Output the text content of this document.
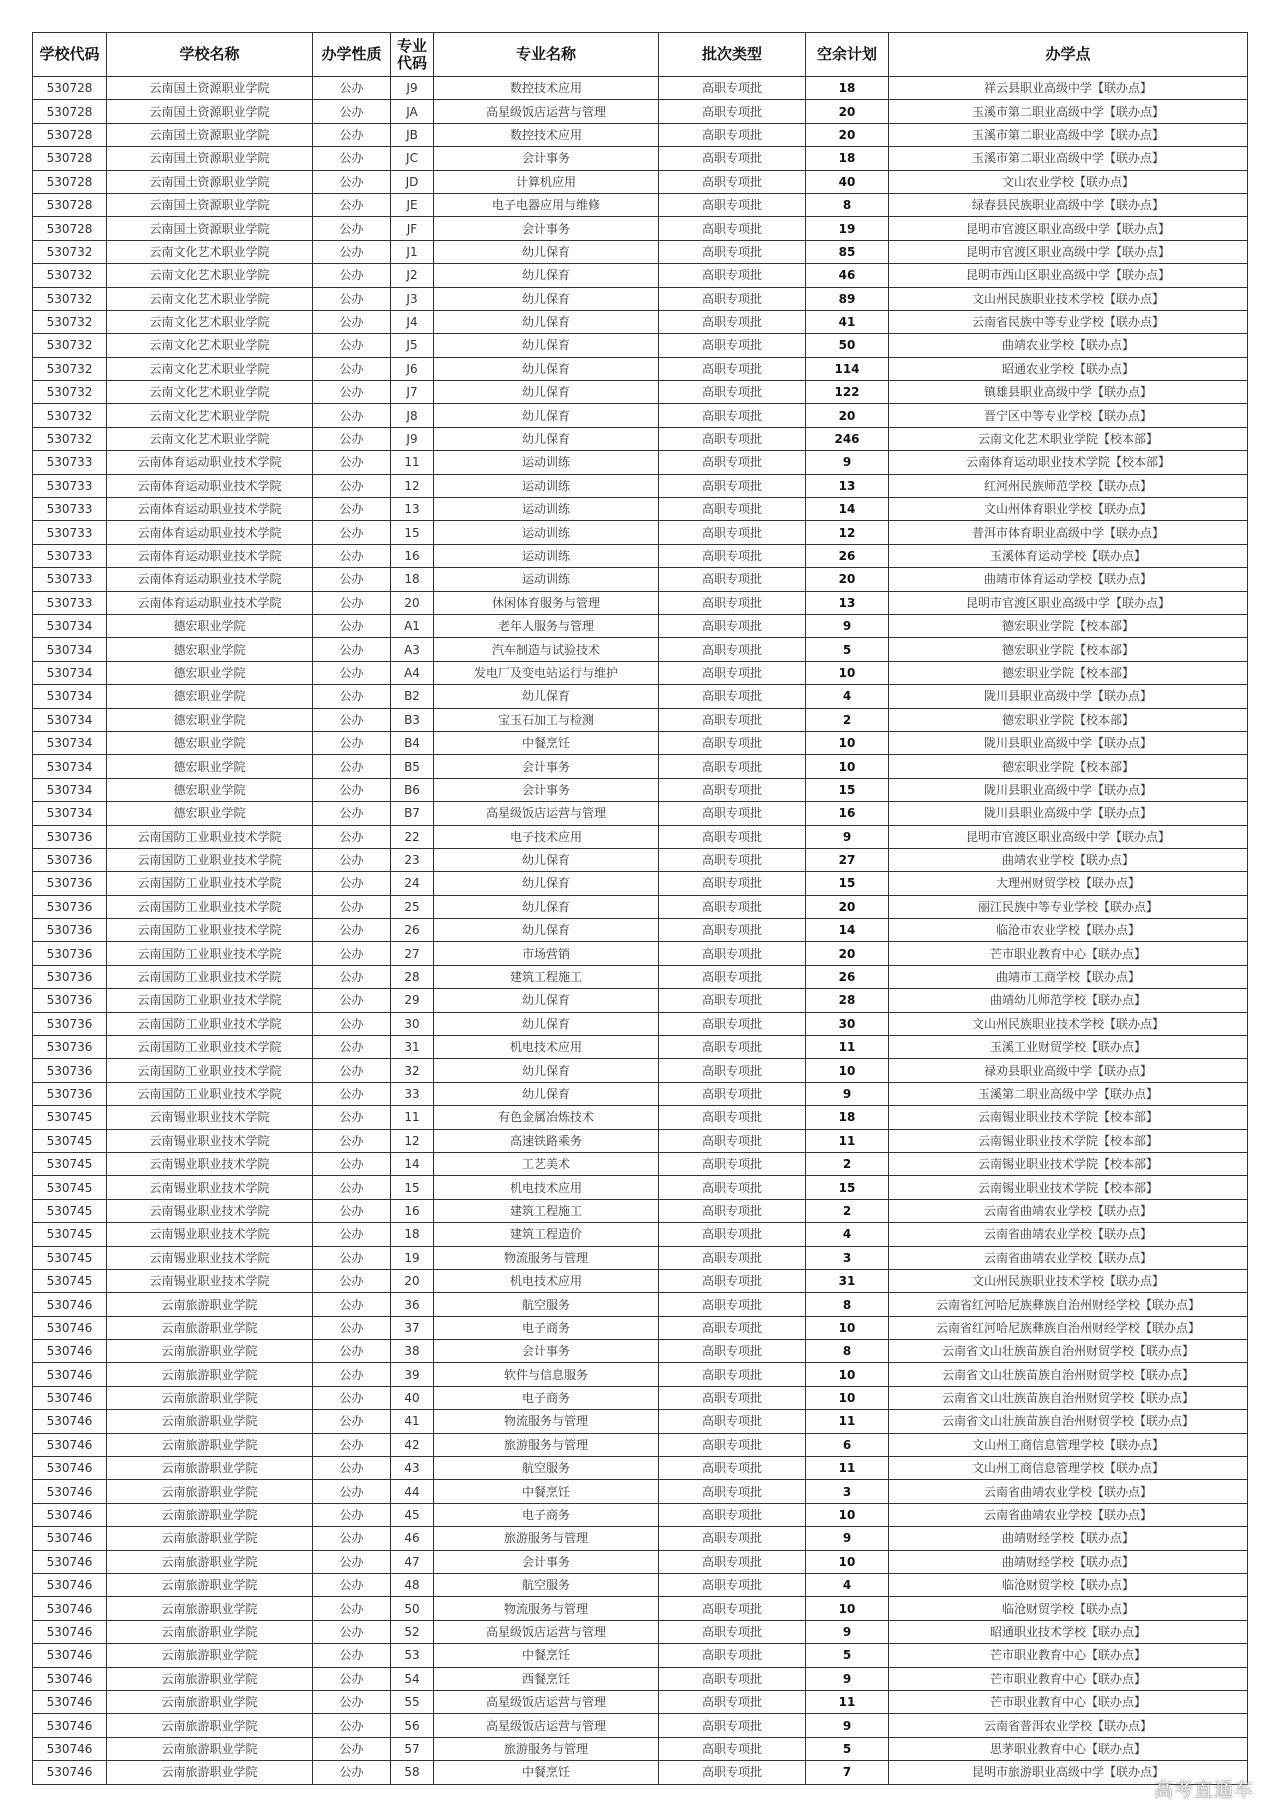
学校代码	学校名称	办学性质	专业
代码	专业名称	批次类型	空余计划	办学点
530728	云南国土资源职业学院	公办	J9	数控技术应用	高职专项批	18	祥云县职业高级中学【联办点】
530728	云南国土资源职业学院	公办	JA	高星级饭店运营与管理	高职专项批	20	玉溪市第二职业高级中学【联办点】
530728	云南国土资源职业学院	公办	JB	数控技术应用	高职专项批	20	玉溪市第二职业高级中学【联办点】
530728	云南国土资源职业学院	公办	JC	会计事务	高职专项批	18	玉溪市第二职业高级中学【联办点】
530728	云南国土资源职业学院	公办	JD	计算机应用	高职专项批	40	文山农业学校【联办点】
530728	云南国土资源职业学院	公办	JE	电子电器应用与维修	高职专项批	8	绿春县民族职业高级中学【联办点】
530728	云南国土资源职业学院	公办	JF	会计事务	高职专项批	19	昆明市官渡区职业高级中学【联办点】
530732	云南文化艺术职业学院	公办	J1	幼儿保育	高职专项批	85	昆明市官渡区职业高级中学【联办点】
530732	云南文化艺术职业学院	公办	J2	幼儿保育	高职专项批	46	昆明市西山区职业高级中学【联办点】
530732	云南文化艺术职业学院	公办	J3	幼儿保育	高职专项批	89	文山州民族职业技术学校【联办点】
530732	云南文化艺术职业学院	公办	J4	幼儿保育	高职专项批	41	云南省民族中等专业学校【联办点】
530732	云南文化艺术职业学院	公办	J5	幼儿保育	高职专项批	50	曲靖农业学校【联办点】
530732	云南文化艺术职业学院	公办	J6	幼儿保育	高职专项批	114	昭通农业学校【联办点】
530732	云南文化艺术职业学院	公办	J7	幼儿保育	高职专项批	122	镇雄县职业高级中学【联办点】
530732	云南文化艺术职业学院	公办	J8	幼儿保育	高职专项批	20	晋宁区中等专业学校【联办点】
530732	云南文化艺术职业学院	公办	J9	幼儿保育	高职专项批	246	云南文化艺术职业学院【校本部】
530733	云南体育运动职业技术学院	公办	11	运动训练	高职专项批	9	云南体育运动职业技术学院【校本部】
530733	云南体育运动职业技术学院	公办	12	运动训练	高职专项批	13	红河州民族师范学校【联办点】
530733	云南体育运动职业技术学院	公办	13	运动训练	高职专项批	14	文山州体育职业学校【联办点】
530733	云南体育运动职业技术学院	公办	15	运动训练	高职专项批	12	普洱市体育职业高级中学【联办点】
530733	云南体育运动职业技术学院	公办	16	运动训练	高职专项批	26	玉溪体育运动学校【联办点】
530733	云南体育运动职业技术学院	公办	18	运动训练	高职专项批	20	曲靖市体育运动学校【联办点】
530733	云南体育运动职业技术学院	公办	20	休闲体育服务与管理	高职专项批	13	昆明市官渡区职业高级中学【联办点】
530734	德宏职业学院	公办	A1	老年人服务与管理	高职专项批	9	德宏职业学院【校本部】
530734	德宏职业学院	公办	A3	汽车制造与试验技术	高职专项批	5	德宏职业学院【校本部】
530734	德宏职业学院	公办	A4	发电厂及变电站运行与维护	高职专项批	10	德宏职业学院【校本部】
530734	德宏职业学院	公办	B2	幼儿保育	高职专项批	4	陇川县职业高级中学【联办点】
530734	德宏职业学院	公办	B3	宝玉石加工与检测	高职专项批	2	德宏职业学院【校本部】
530734	德宏职业学院	公办	B4	中餐烹饪	高职专项批	10	陇川县职业高级中学【联办点】
530734	德宏职业学院	公办	B5	会计事务	高职专项批	10	德宏职业学院【校本部】
530734	德宏职业学院	公办	B6	会计事务	高职专项批	15	陇川县职业高级中学【联办点】
530734	德宏职业学院	公办	B7	高星级饭店运营与管理	高职专项批	16	陇川县职业高级中学【联办点】
530736	云南国防工业职业技术学院	公办	22	电子技术应用	高职专项批	9	昆明市官渡区职业高级中学【联办点】
530736	云南国防工业职业技术学院	公办	23	幼儿保育	高职专项批	27	曲靖农业学校【联办点】
530736	云南国防工业职业技术学院	公办	24	幼儿保育	高职专项批	15	大理州财贸学校【联办点】
530736	云南国防工业职业技术学院	公办	25	幼儿保育	高职专项批	20	丽江民族中等专业学校【联办点】
530736	云南国防工业职业技术学院	公办	26	幼儿保育	高职专项批	14	临沧市农业学校【联办点】
530736	云南国防工业职业技术学院	公办	27	市场营销	高职专项批	20	芒市职业教育中心【联办点】
530736	云南国防工业职业技术学院	公办	28	建筑工程施工	高职专项批	26	曲靖市工商学校【联办点】
530736	云南国防工业职业技术学院	公办	29	幼儿保育	高职专项批	28	曲靖幼儿师范学校【联办点】
530736	云南国防工业职业技术学院	公办	30	幼儿保育	高职专项批	30	文山州民族职业技术学校【联办点】
530736	云南国防工业职业技术学院	公办	31	机电技术应用	高职专项批	11	玉溪工业财贸学校【联办点】
530736	云南国防工业职业技术学院	公办	32	幼儿保育	高职专项批	10	禄劝县职业高级中学【联办点】
530736	云南国防工业职业技术学院	公办	33	幼儿保育	高职专项批	9	玉溪第二职业高级中学【联办点】
530745	云南锡业职业技术学院	公办	11	有色金属冶炼技术	高职专项批	18	云南锡业职业技术学院【校本部】
530745	云南锡业职业技术学院	公办	12	高速铁路乘务	高职专项批	11	云南锡业职业技术学院【校本部】
530745	云南锡业职业技术学院	公办	14	工艺美术	高职专项批	2	云南锡业职业技术学院【校本部】
530745	云南锡业职业技术学院	公办	15	机电技术应用	高职专项批	15	云南锡业职业技术学院【校本部】
530745	云南锡业职业技术学院	公办	16	建筑工程施工	高职专项批	2	云南省曲靖农业学校【联办点】
530745	云南锡业职业技术学院	公办	18	建筑工程造价	高职专项批	4	云南省曲靖农业学校【联办点】
530745	云南锡业职业技术学院	公办	19	物流服务与管理	高职专项批	3	云南省曲靖农业学校【联办点】
530745	云南锡业职业技术学院	公办	20	机电技术应用	高职专项批	31	文山州民族职业技术学校【联办点】
530746	云南旅游职业学院	公办	36	航空服务	高职专项批	8	云南省红河哈尼族彝族自治州财经学校【联办点】
530746	云南旅游职业学院	公办	37	电子商务	高职专项批	10	云南省红河哈尼族彝族自治州财经学校【联办点】
530746	云南旅游职业学院	公办	38	会计事务	高职专项批	8	云南省文山壮族苗族自治州财贸学校【联办点】
530746	云南旅游职业学院	公办	39	软件与信息服务	高职专项批	10	云南省文山壮族苗族自治州财贸学校【联办点】
530746	云南旅游职业学院	公办	40	电子商务	高职专项批	10	云南省文山壮族苗族自治州财贸学校【联办点】
530746	云南旅游职业学院	公办	41	物流服务与管理	高职专项批	11	云南省文山壮族苗族自治州财贸学校【联办点】
530746	云南旅游职业学院	公办	42	旅游服务与管理	高职专项批	6	文山州工商信息管理学校【联办点】
530746	云南旅游职业学院	公办	43	航空服务	高职专项批	11	文山州工商信息管理学校【联办点】
530746	云南旅游职业学院	公办	44	中餐烹饪	高职专项批	3	云南省曲靖农业学校【联办点】
530746	云南旅游职业学院	公办	45	电子商务	高职专项批	10	云南省曲靖农业学校【联办点】
530746	云南旅游职业学院	公办	46	旅游服务与管理	高职专项批	9	曲靖财经学校【联办点】
530746	云南旅游职业学院	公办	47	会计事务	高职专项批	10	曲靖财经学校【联办点】
530746	云南旅游职业学院	公办	48	航空服务	高职专项批	4	临沧财贸学校【联办点】
530746	云南旅游职业学院	公办	50	物流服务与管理	高职专项批	10	临沧财贸学校【联办点】
530746	云南旅游职业学院	公办	52	高星级饭店运营与管理	高职专项批	9	昭通职业技术学校【联办点】
530746	云南旅游职业学院	公办	53	中餐烹饪	高职专项批	5	芒市职业教育中心【联办点】
530746	云南旅游职业学院	公办	54	西餐烹饪	高职专项批	9	芒市职业教育中心【联办点】
530746	云南旅游职业学院	公办	55	高星级饭店运营与管理	高职专项批	11	芒市职业教育中心【联办点】
530746	云南旅游职业学院	公办	56	高星级饭店运营与管理	高职专项批	9	云南省普洱农业学校【联办点】
530746	云南旅游职业学院	公办	57	旅游服务与管理	高职专项批	5	思茅职业教育中心【联办点】
530746	云南旅游职业学院	公办	58	中餐烹饪	高职专项批	7	昆明市旅游职业高级中学【联办点】
高考直通车
